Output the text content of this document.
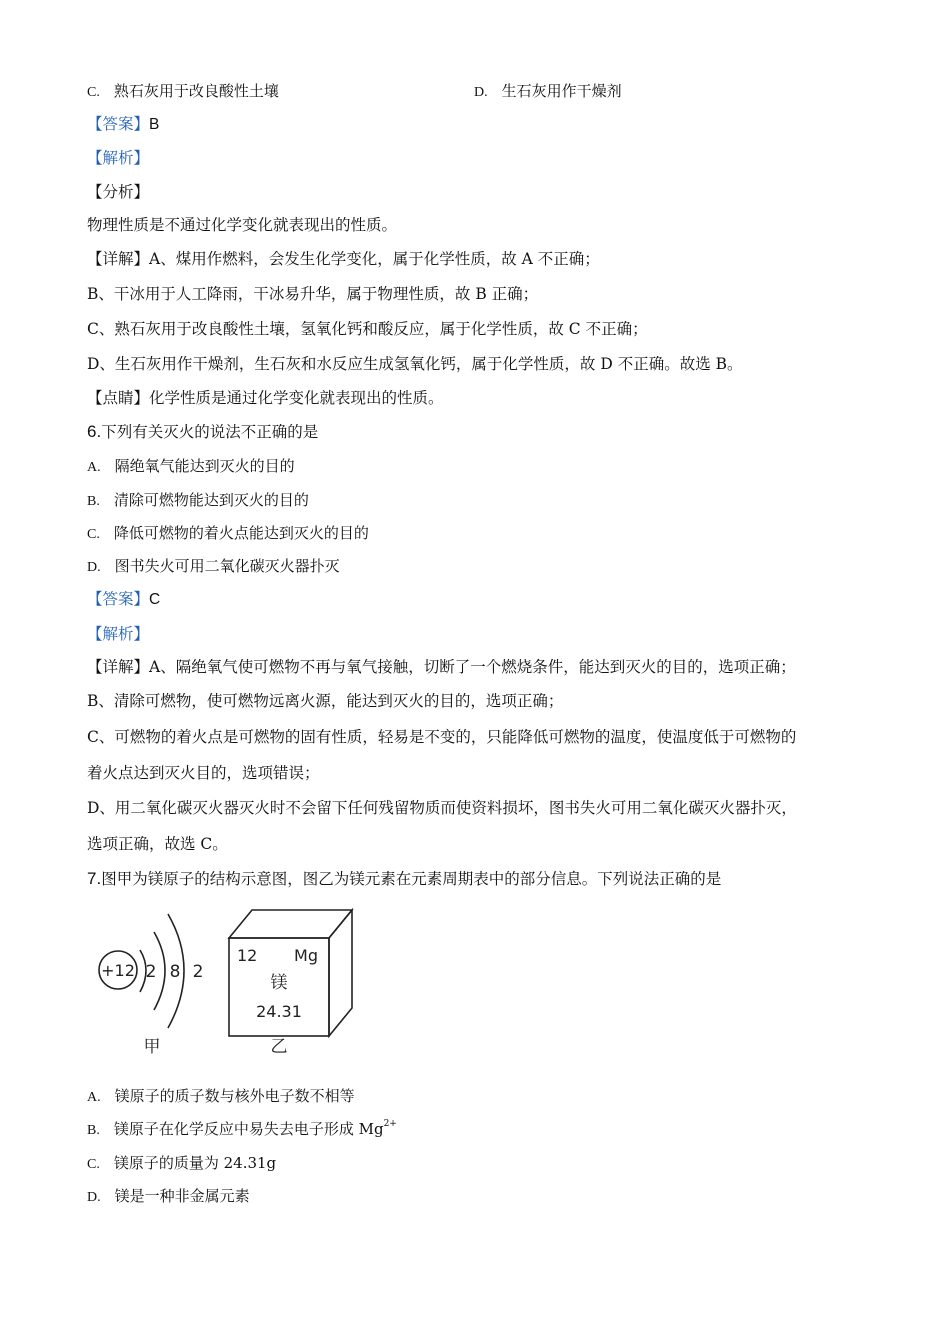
C. 熟石灰用于改良酸性土壤	D. 生石灰用作干燥剂
【答案】B
【解析】
【分析】
物理性质是不通过化学变化就表现出的性质。
【详解】A、煤用作燃料，会发生化学变化，属于化学性质，故 A 不正确；
B、干冰用于人工降雨，干冰易升华，属于物理性质，故 B 正确；
C、熟石灰用于改良酸性土壤，氢氧化钙和酸反应，属于化学性质，故 C 不正确；
D、生石灰用作干燥剂，生石灰和水反应生成氢氧化钙，属于化学性质，故 D 不正确。故选 B。
【点睛】化学性质是通过化学变化就表现出的性质。
6.下列有关灭火的说法不正确的是
A. 隔绝氧气能达到灭火的目的
B. 清除可燃物能达到灭火的目的
C. 降低可燃物的着火点能达到灭火的目的
D. 图书失火可用二氧化碳灭火器扑灭
【答案】C
【解析】
【详解】A、隔绝氧气使可燃物不再与氧气接触，切断了一个燃烧条件，能达到灭火的目的，选项正确；
B、清除可燃物，使可燃物远离火源，能达到灭火的目的，选项正确；
C、可燃物的着火点是可燃物的固有性质，轻易是不变的，只能降低可燃物的温度，使温度低于可燃物的
着火点达到灭火目的，选项错误；
D、用二氧化碳灭火器灭火时不会留下任何残留物质而使资料损坏，图书失火可用二氧化碳灭火器扑灭，
选项正确，故选 C。
7.图甲为镁原子的结构示意图，图乙为镁元素在元素周期表中的部分信息。下列说法正确的是
+12 2 8 2
甲
12 Mg
镁
24.31
乙
A. 镁原子的质子数与核外电子数不相等
B. 镁原子在化学反应中易失去电子形成 $Mg^{2+}$
C. 镁原子的质量为 24.31g
D. 镁是一种非金属元素
